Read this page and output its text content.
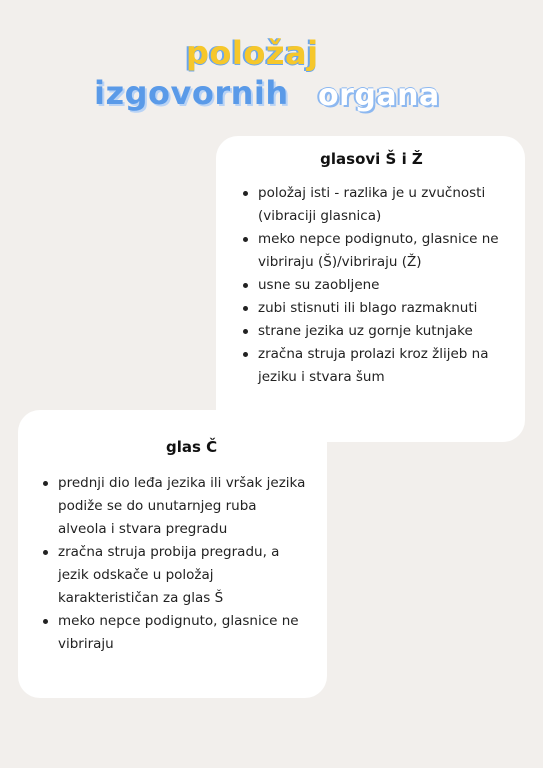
položaj
izgovornih organa
glasovi Š i Ž
položaj isti - razlika je u zvučnosti (vibraciji glasnica)
meko nepce podignuto, glasnice ne vibriraju (Š)/vibriraju (Ž)
usne su zaobljene
zubi stisnuti ili blago razmaknuti
strane jezika uz gornje kutnjake
zračna struja prolazi kroz žlijeb na jeziku i stvara šum
glas Č
prednji dio leđa jezika ili vršak jezika podiže se do unutarnjeg ruba alveola i stvara pregradu
zračna struja probija pregradu, a jezik odskače u položaj karakterističan za glas Š
meko nepce podignuto, glasnice ne vibriraju
